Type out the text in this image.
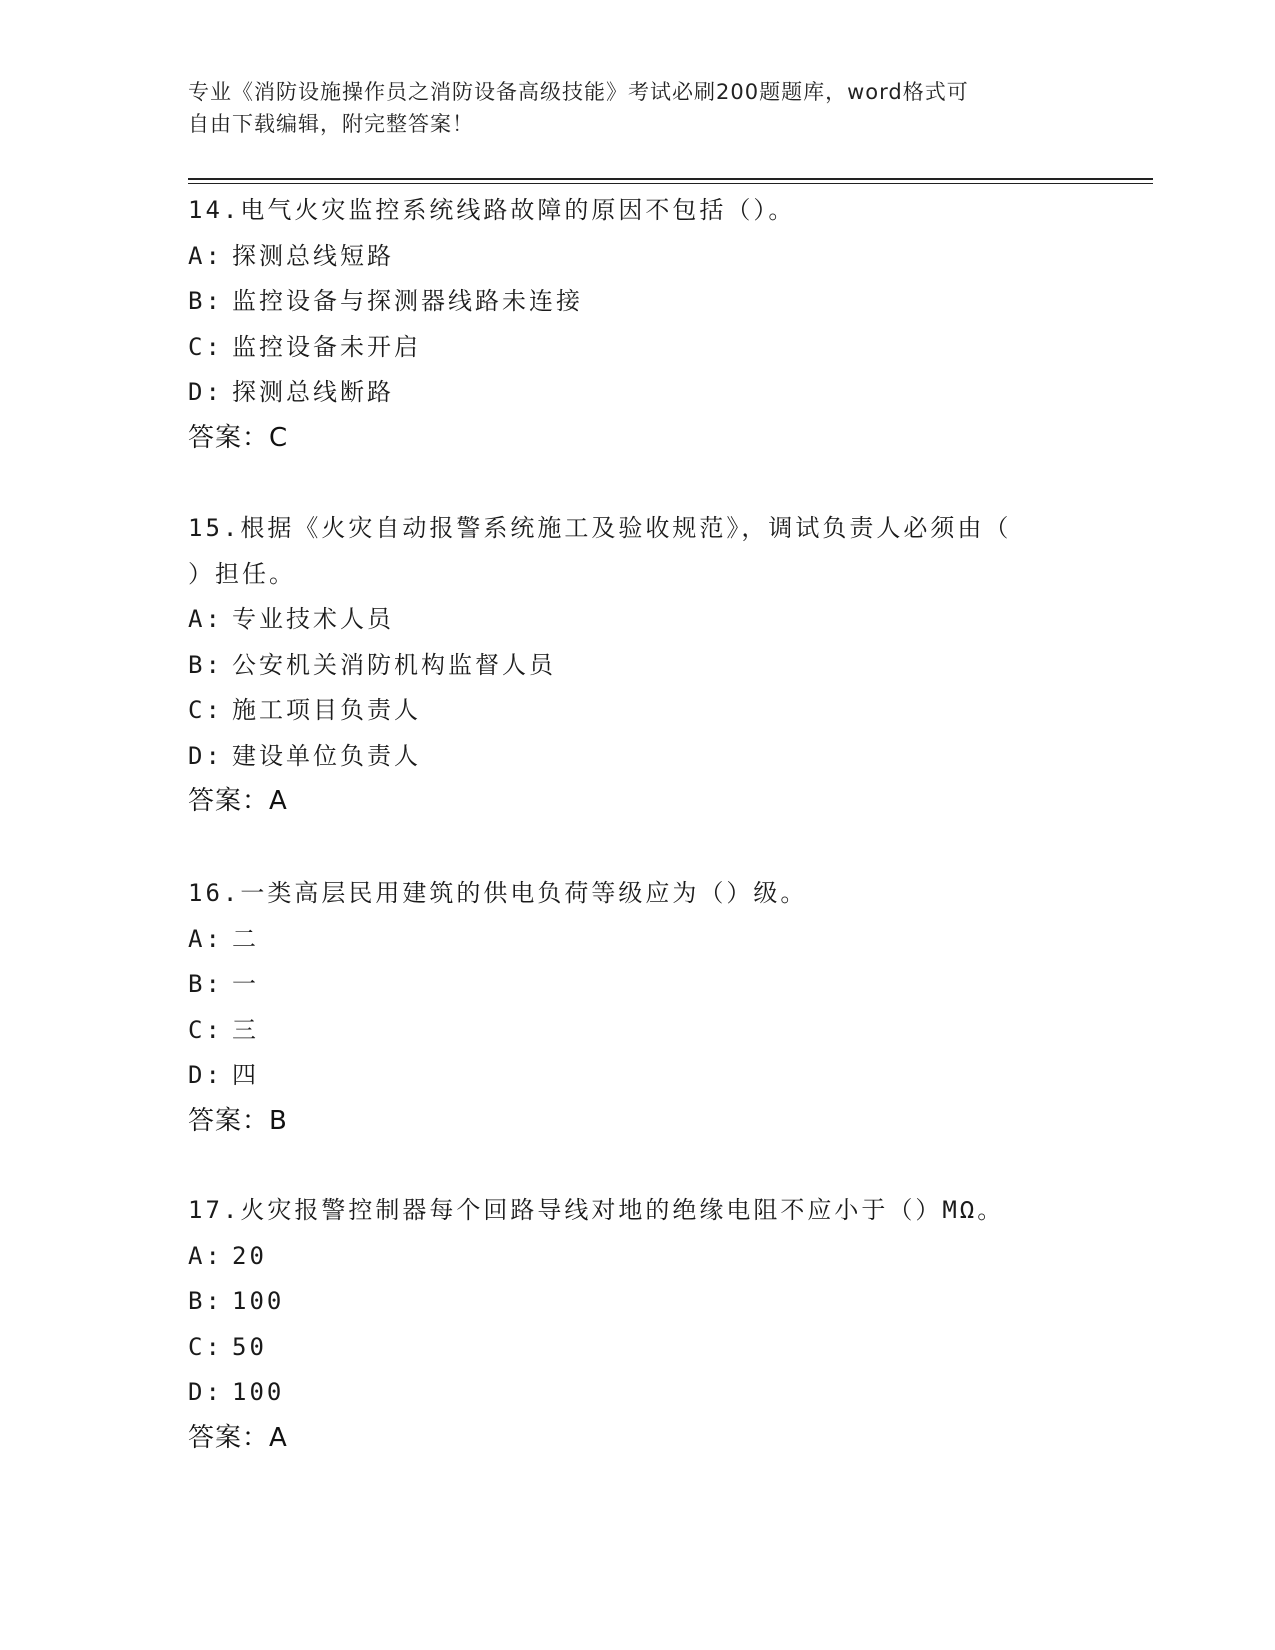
专业《消防设施操作员之消防设备高级技能》考试必刷200题题库，word格式可
自由下载编辑，附完整答案！
14.电气火灾监控系统线路故障的原因不包括（）。
A: 探测总线短路
B: 监控设备与探测器线路未连接
C: 监控设备未开启
D: 探测总线断路
答案：C
15.根据《火灾自动报警系统施工及验收规范》，调试负责人必须由（
）担任。
A: 专业技术人员
B: 公安机关消防机构监督人员
C: 施工项目负责人
D: 建设单位负责人
答案：A
16.一类高层民用建筑的供电负荷等级应为（）级。
A: 二
B: 一
C: 三
D: 四
答案：B
17.火灾报警控制器每个回路导线对地的绝缘电阻不应小于（）MΩ。
A: 20
B: 100
C: 50
D: 100
答案：A
